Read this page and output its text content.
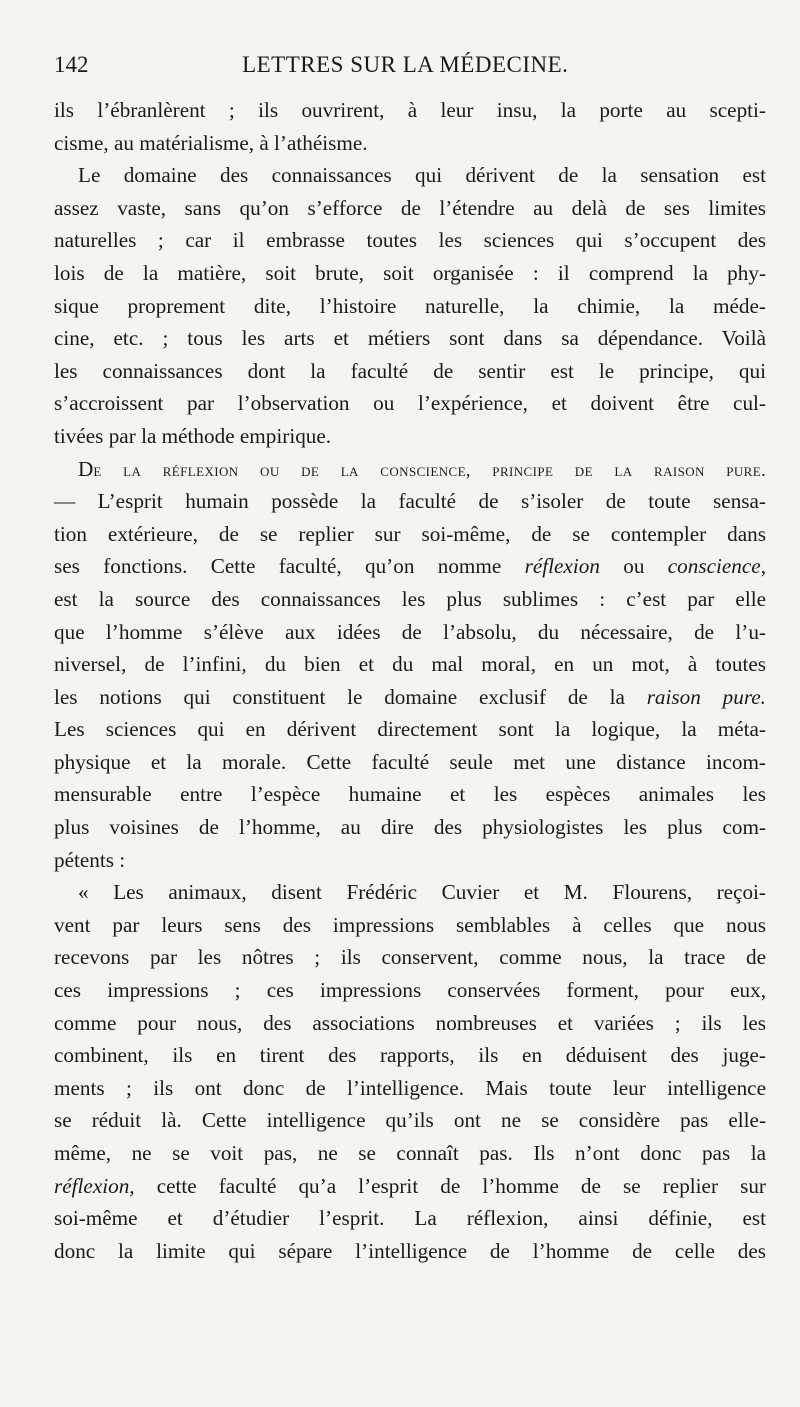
142	LETTRES SUR LA MÉDECINE.
ils l’ébranlèrent ; ils ouvrirent, à leur insu, la porte au scepti-
cisme, au matérialisme, à l’athéisme.
Le domaine des connaissances qui dérivent de la sensation est
assez vaste, sans qu’on s’efforce de l’étendre au delà de ses limites
naturelles ; car il embrasse toutes les sciences qui s’occupent des
lois de la matière, soit brute, soit organisée : il comprend la phy-
sique proprement dite, l’histoire naturelle, la chimie, la méde-
cine, etc. ; tous les arts et métiers sont dans sa dépendance. Voilà
les connaissances dont la faculté de sentir est le principe, qui
s’accroissent par l’observation ou l’expérience, et doivent être cul-
tivées par la méthode empirique.
De la réflexion ou de la conscience, principe de la raison pure.
— L’esprit humain possède la faculté de s’isoler de toute sensa-
tion extérieure, de se replier sur soi-même, de se contempler dans
ses fonctions. Cette faculté, qu’on nomme réflexion ou conscience,
est la source des connaissances les plus sublimes : c’est par elle
que l’homme s’élève aux idées de l’absolu, du nécessaire, de l’u-
niversel, de l’infini, du bien et du mal moral, en un mot, à toutes
les notions qui constituent le domaine exclusif de la raison pure.
Les sciences qui en dérivent directement sont la logique, la méta-
physique et la morale. Cette faculté seule met une distance incom-
mensurable entre l’espèce humaine et les espèces animales les
plus voisines de l’homme, au dire des physiologistes les plus com-
pétents :
« Les animaux, disent Frédéric Cuvier et M. Flourens, reçoi-
vent par leurs sens des impressions semblables à celles que nous
recevons par les nôtres ; ils conservent, comme nous, la trace de
ces impressions ; ces impressions conservées forment, pour eux,
comme pour nous, des associations nombreuses et variées ; ils les
combinent, ils en tirent des rapports, ils en déduisent des juge-
ments ; ils ont donc de l’intelligence. Mais toute leur intelligence
se réduit là. Cette intelligence qu’ils ont ne se considère pas elle-
même, ne se voit pas, ne se connaît pas. Ils n’ont donc pas la
réflexion, cette faculté qu’a l’esprit de l’homme de se replier sur
soi-même et d’étudier l’esprit. La réflexion, ainsi définie, est
donc la limite qui sépare l’intelligence de l’homme de celle des
